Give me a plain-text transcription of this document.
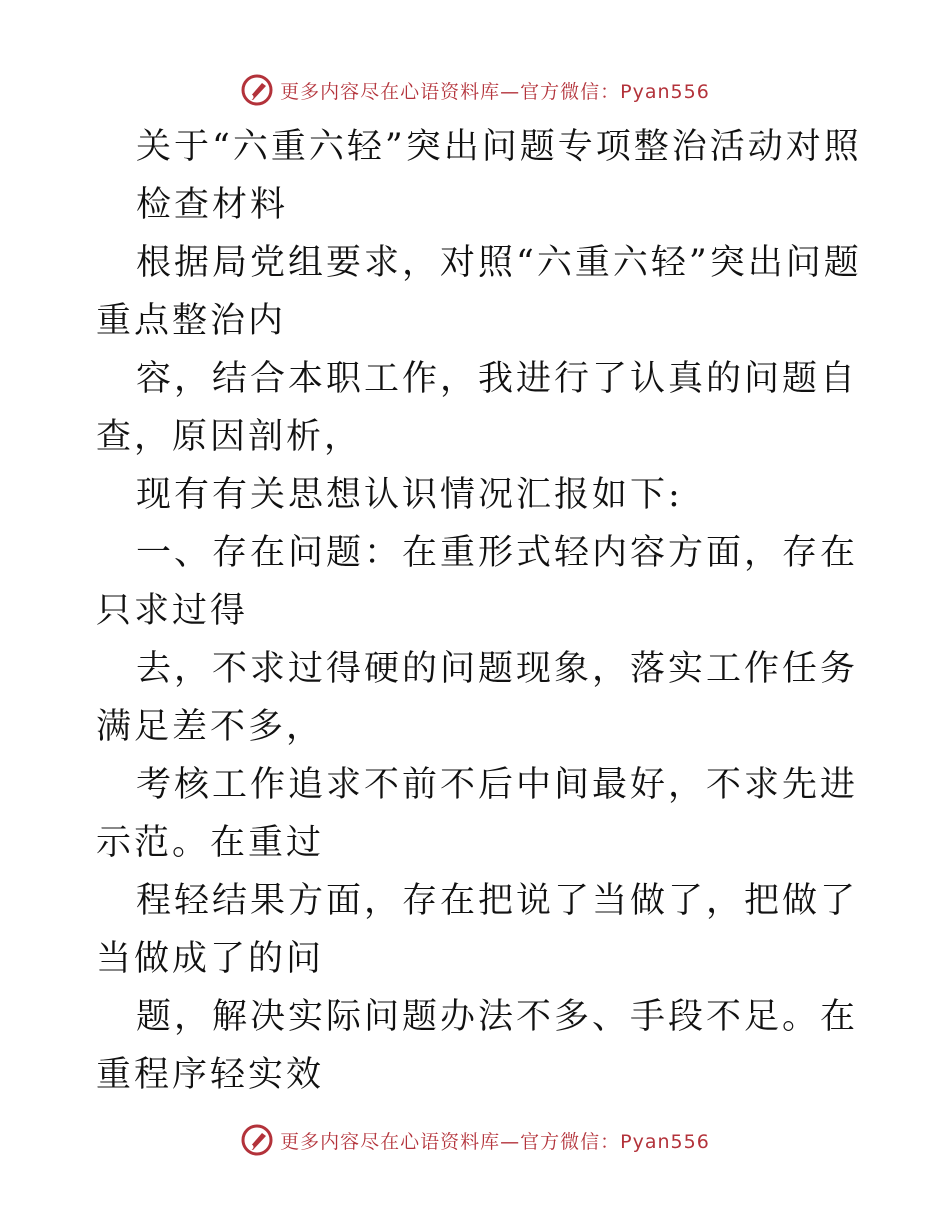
更多内容尽在心语资料库—官方微信：Pyan556

关于“六重六轻”突出问题专项整治活动对照

检查材料

根据局党组要求，对照“六重六轻”突出问题重点整治内

容，结合本职工作，我进行了认真的问题自查，原因剖析，

现有有关思想认识情况汇报如下:

一、存在问题：在重形式轻内容方面，存在只求过得

去，不求过得硬的问题现象，落实工作任务满足差不多，

考核工作追求不前不后中间最好，不求先进示范。在重过

程轻结果方面，存在把说了当做了，把做了当做成了的问

题，解决实际问题办法不多、手段不足。在重程序轻实效

更多内容尽在心语资料库—官方微信：Pyan556
